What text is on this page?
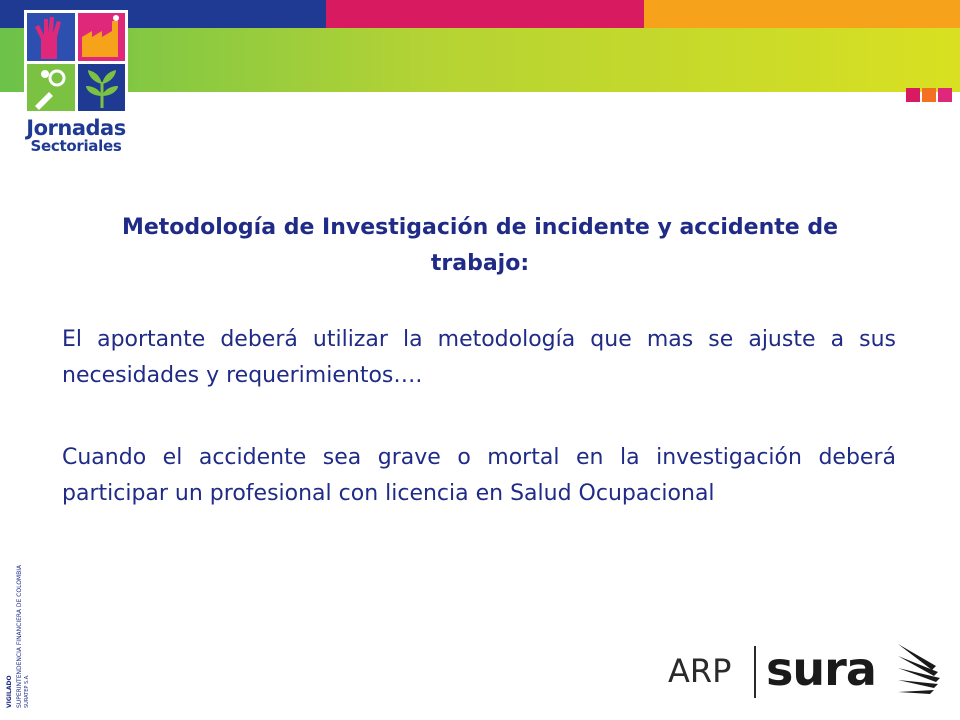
Jornadas
Sectoriales
Metodología de Investigación de incidente y accidente de trabajo:
El aportante deberá utilizar la metodología que mas se ajuste a sus necesidades y requerimientos….
Cuando el accidente sea grave o mortal en la investigación deberá participar un profesional con licencia en Salud Ocupacional
VIGILADO SUPERINTENDENCIA FINANCIERA DE COLOMBIA SURATEP S.A.
ARP sura
